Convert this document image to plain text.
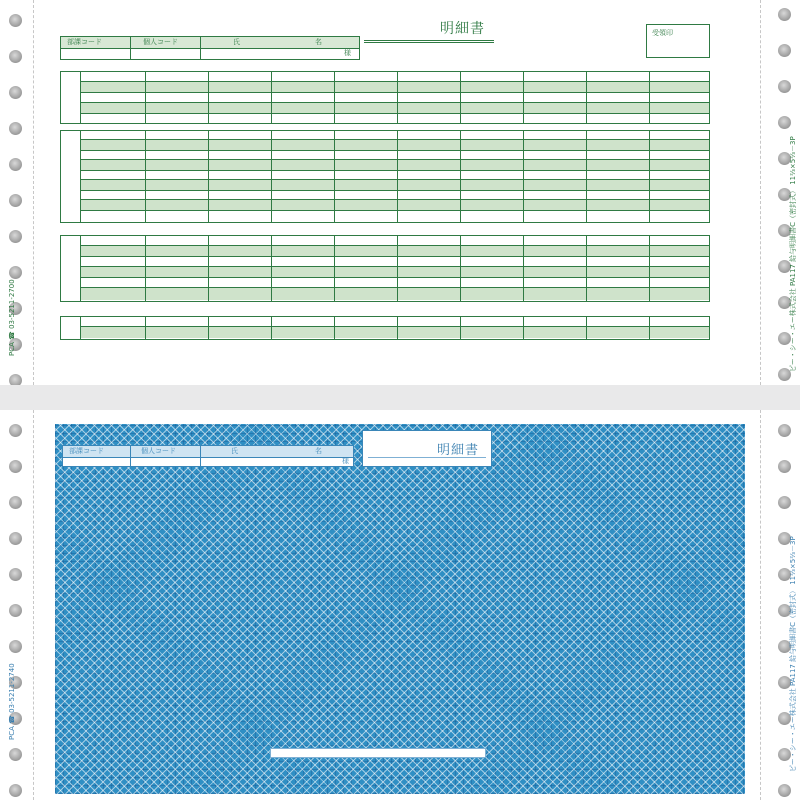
PCA ☎ 03-5211-2700	ピー・シー・エー株式会社 PA117 給与明細書C（密封式） 11⅔×5⅔－3P
部課コード	個人コード	氏	名
様
明細書	受領印
PCA ☎ 03-5211-2740	ピー・シー・エー株式会社 PA117 給与明細書C（密封式） 11⅔×5⅔－3P
部課コード	個人コード	氏	名
様
明細書
